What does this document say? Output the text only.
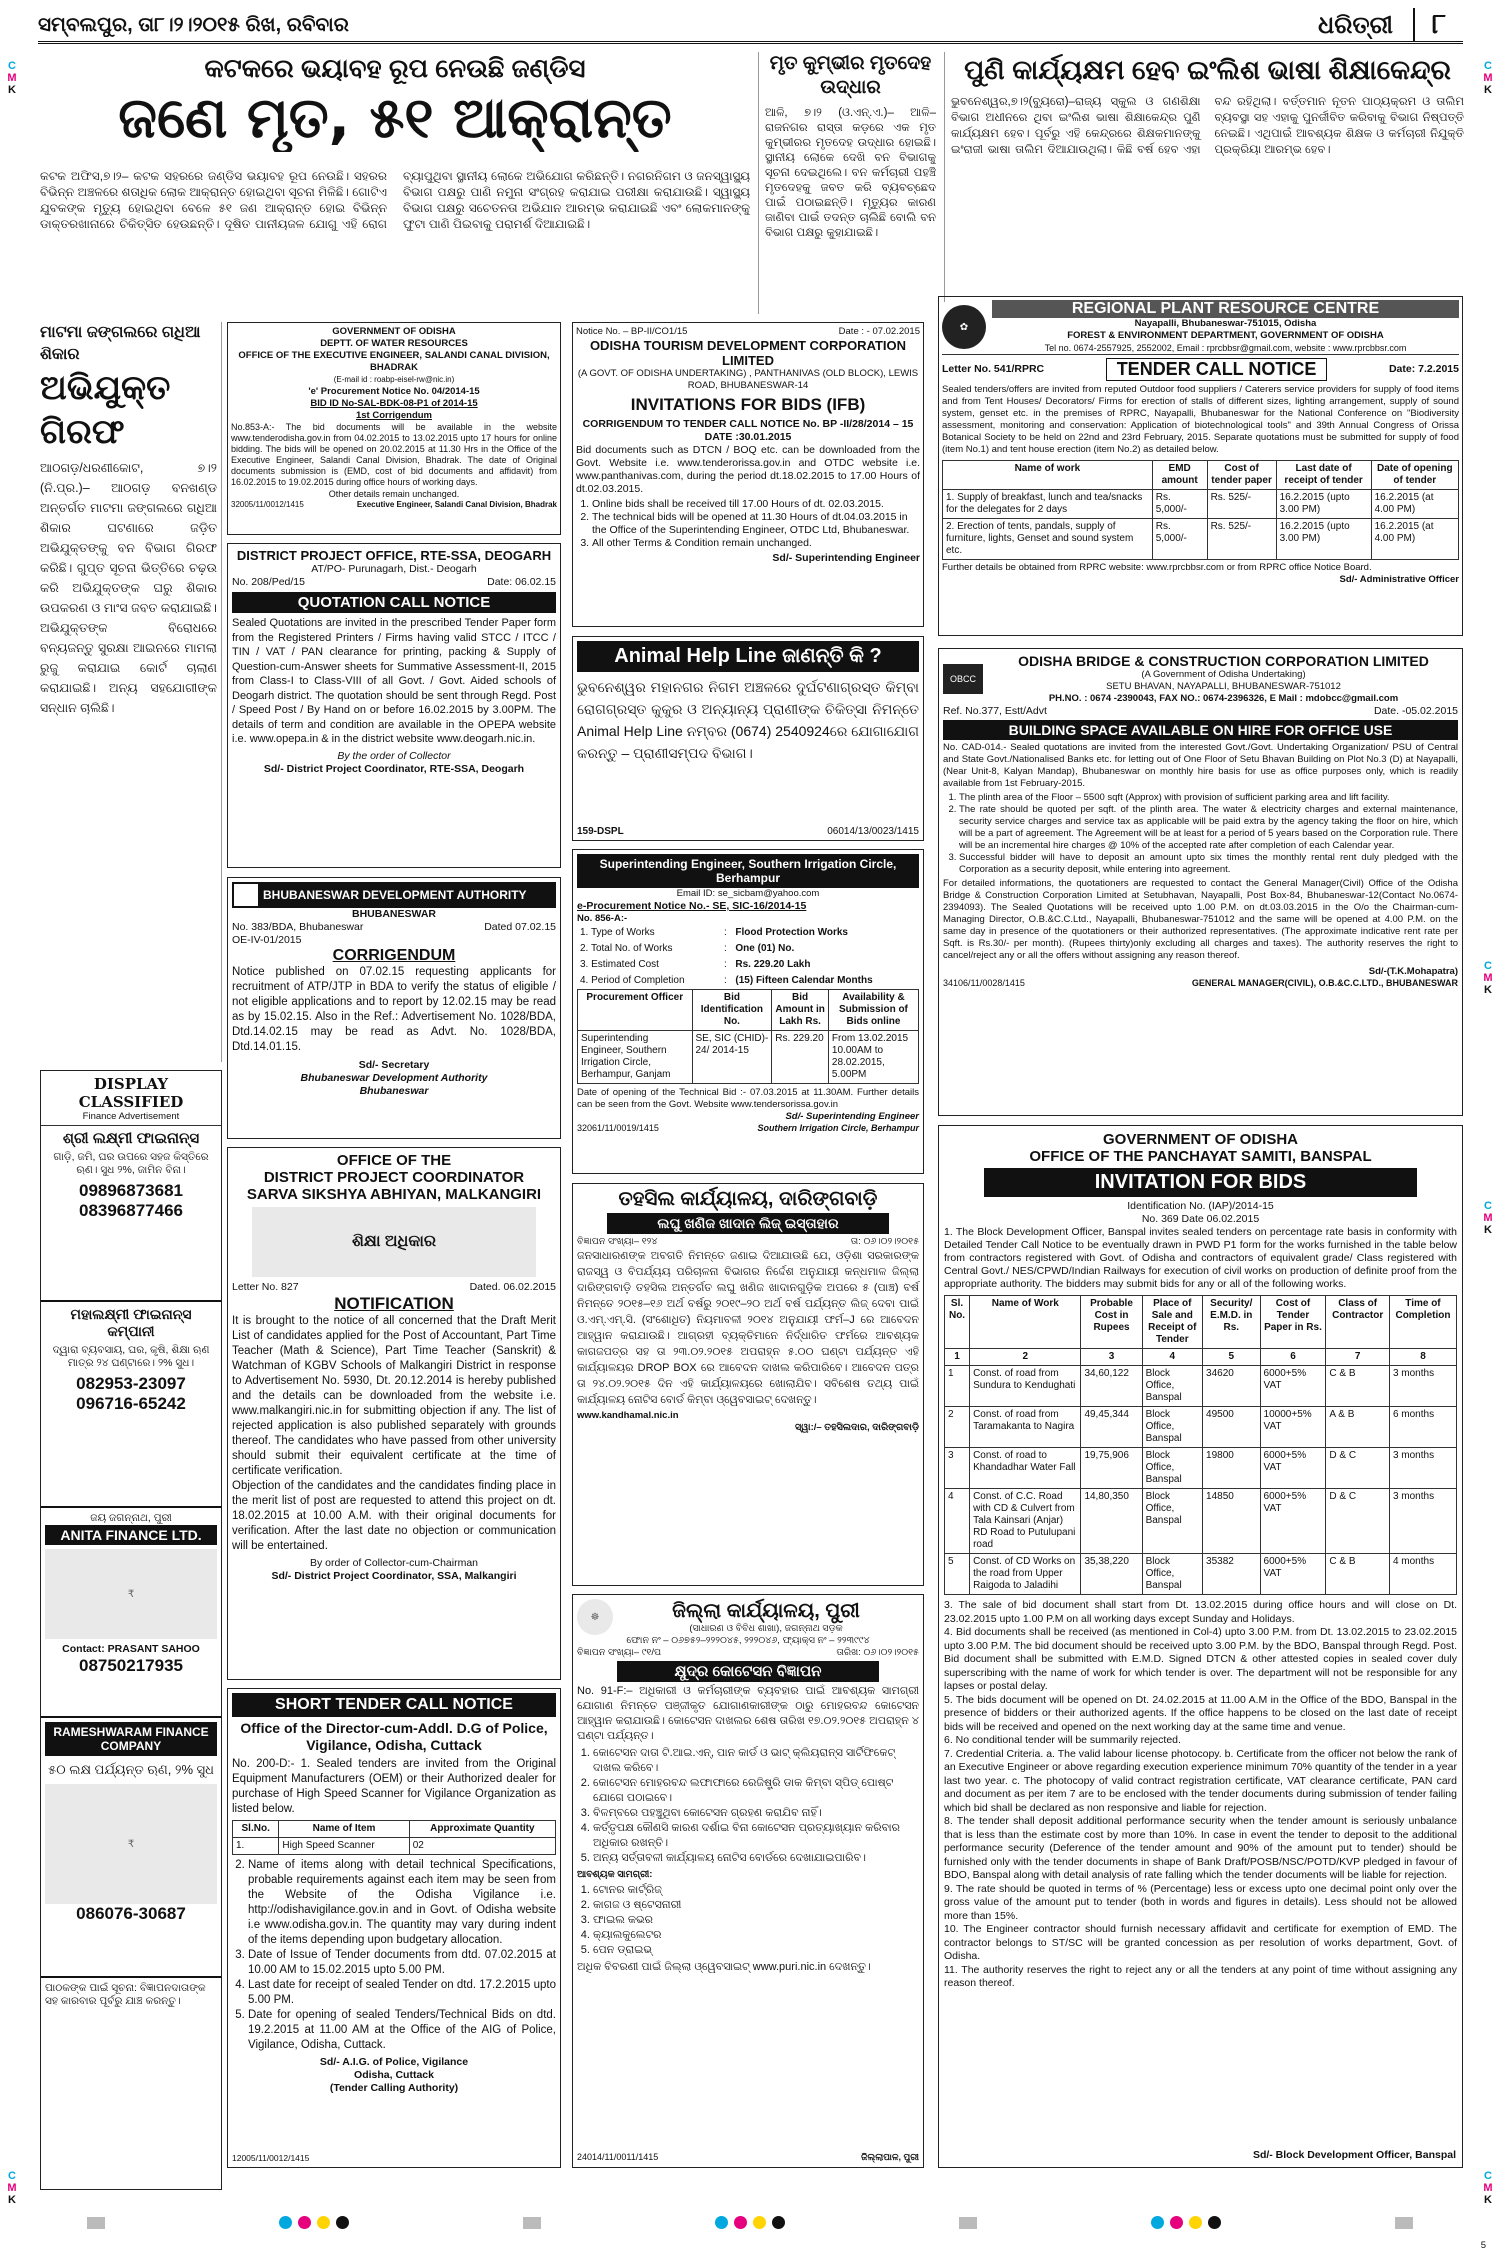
ସମ୍ବଲପୁର, ତା୮।୨।୨୦୧୫ ରିଖ, ରବିବାର	ଧରିତ୍ରୀ	୮
C
M
K
C
M
K
C
M
K
C
M
K
C
M
K
C
M
K
କଟକରେ ଭୟାବହ ରୂପ ନେଉଛି ଜଣ୍ଡିସ
ଜଣେ ମୃତ, ୫୧ ଆକ୍ରାନ୍ତ
କଟକ ଅଫିସ,୭।୨– କଟକ ସହରରେ ଜଣ୍ଡିସ ଭୟାବହ ରୂପ ନେଉଛି। ସହରର ବିଭିନ୍ନ ଅଞ୍ଚଳରେ ଶତାଧିକ ଲୋକ ଆକ୍ରାନ୍ତ ହୋଇଥିବା ସୂଚନା ମିଳିଛି। ଗୋଟିଏ ଯୁବକଙ୍କ ମୃତ୍ୟୁ ହୋଇଥିବା ବେଳେ ୫୧ ଜଣ ଆକ୍ରାନ୍ତ ହୋଇ ବିଭିନ୍ନ ଡାକ୍ତରଖାନାରେ ଚିକିତ୍ସିତ ହେଉଛନ୍ତି। ଦୂଷିତ ପାନୀୟଜଳ ଯୋଗୁ ଏହି ରୋଗ ବ୍ୟାପୁଥିବା ସ୍ଥାନୀୟ ଲୋକେ ଅଭିଯୋଗ କରିଛନ୍ତି। ନଗରନିଗମ ଓ ଜନସ୍ୱାସ୍ଥ୍ୟ ବିଭାଗ ପକ୍ଷରୁ ପାଣି ନମୁନା ସଂଗ୍ରହ କରାଯାଇ ପରୀକ୍ଷା କରାଯାଉଛି। ସ୍ୱାସ୍ଥ୍ୟ ବିଭାଗ ପକ୍ଷରୁ ସଚେତନତା ଅଭିଯାନ ଆରମ୍ଭ କରାଯାଇଛି ଏବଂ ଲୋକମାନଙ୍କୁ ଫୁଟା ପାଣି ପିଇବାକୁ ପରାମର୍ଶ ଦିଆଯାଇଛି।
ମୃତ କୁମ୍ଭୀର ମୃତଦେହ ଉଦ୍ଧାର
ଆଳି, ୭।୨ (ଓ.ଏନ୍‌.ଏ.)– ଆଳି–ରାଜନଗର ରାସ୍ତା କଡ଼ରେ ଏକ ମୃତ କୁମ୍ଭୀରର ମୃତଦେହ ଉଦ୍ଧାର ହୋଇଛି। ସ୍ଥାନୀୟ ଲୋକେ ଦେଖି ବନ ବିଭାଗକୁ ସୂଚନା ଦେଇଥିଲେ। ବନ କର୍ମଚାରୀ ପହଞ୍ଚି ମୃତଦେହକୁ ଜବତ କରି ବ୍ୟବଚ୍ଛେଦ ପାଇଁ ପଠାଇଛନ୍ତି। ମୃତ୍ୟୁର କାରଣ ଜାଣିବା ପାଇଁ ତଦନ୍ତ ଚାଲିଛି ବୋଲି ବନ ବିଭାଗ ପକ୍ଷରୁ କୁହାଯାଇଛି।
ପୁଣି କାର୍ଯ୍ୟକ୍ଷମ ହେବ ଇଂଲିଶ ଭାଷା ଶିକ୍ଷାକେନ୍ଦ୍ର
ଭୁବନେଶ୍ୱର,୭।୨(ବ୍ୟୁରୋ)–ରାଜ୍ୟ ସ୍କୁଲ ଓ ଗଣଶିକ୍ଷା ବିଭାଗ ଅଧୀନରେ ଥିବା ଇଂଲିଶ ଭାଷା ଶିକ୍ଷାକେନ୍ଦ୍ର ପୁଣି କାର୍ଯ୍ୟକ୍ଷମ ହେବ। ପୂର୍ବରୁ ଏହି କେନ୍ଦ୍ରରେ ଶିକ୍ଷକମାନଙ୍କୁ ଇଂରାଜୀ ଭାଷା ତାଲିମ ଦିଆଯାଉଥିଲା। କିଛି ବର୍ଷ ହେବ ଏହା ବନ୍ଦ ରହିଥିଲା। ବର୍ତ୍ତମାନ ନୂତନ ପାଠ୍ୟକ୍ରମ ଓ ତାଲିମ ବ୍ୟବସ୍ଥା ସହ ଏହାକୁ ପୁନର୍ଜୀବିତ କରିବାକୁ ବିଭାଗ ନିଷ୍ପତ୍ତି ନେଇଛି। ଏଥିପାଇଁ ଆବଶ୍ୟକ ଶିକ୍ଷକ ଓ କର୍ମଚାରୀ ନିଯୁକ୍ତି ପ୍ରକ୍ରିୟା ଆରମ୍ଭ ହେବ।
ମାଟମା ଜଙ୍ଗଲରେ ଗଧିଆ ଶିକାର
ଅଭିଯୁକ୍ତ ଗିରଫ
ଆଠଗଡ଼/ଧରଣୀକୋଟ, ୭।୨ (ନି.ପ୍ର.)– ଆଠଗଡ଼ ବନଖଣ୍ଡ ଅନ୍ତର୍ଗତ ମାଟମା ଜଙ୍ଗଲରେ ଗଧିଆ ଶିକାର ଘଟଣାରେ ଜଡ଼ିତ ଅଭିଯୁକ୍ତଙ୍କୁ ବନ ବିଭାଗ ଗିରଫ କରିଛି। ଗୁପ୍ତ ସୂଚନା ଭିତ୍ତିରେ ଚଢ଼ଉ କରି ଅଭିଯୁକ୍ତଙ୍କ ଘରୁ ଶିକାର ଉପକରଣ ଓ ମାଂସ ଜବତ କରାଯାଇଛି। ଅଭିଯୁକ୍ତଙ୍କ ବିରୋଧରେ ବନ୍ୟଜନ୍ତୁ ସୁରକ୍ଷା ଆଇନରେ ମାମଲା ରୁଜୁ କରାଯାଇ କୋର୍ଟ ଚାଲାଣ କରାଯାଇଛି। ଅନ୍ୟ ସହଯୋଗୀଙ୍କ ସନ୍ଧାନ ଚାଲିଛି।
DISPLAY CLASSIFIED
Finance Advertisement
ଶ୍ରୀ ଲକ୍ଷ୍ମୀ ଫାଇନାନ୍ସ
ଗାଡ଼ି, ଜମି, ଘର ଉପରେ ସହଜ କିସ୍ତିରେ ଋଣ। ସୁଧ ୨%, ଜାମିନ ବିନା।
09896873681
08396877466
ମହାଲକ୍ଷ୍ମୀ ଫାଇନାନ୍ସ କମ୍ପାନୀ
ଦ୍ୱାରା ବ୍ୟବସାୟ, ଘର, କୃଷି, ଶିକ୍ଷା ଋଣ ମାତ୍ର ୨୪ ଘଣ୍ଟାରେ। ୨% ସୁଧ।
082953-23097
096716-65242
ଜୟ ଜଗନ୍ନାଥ, ପୁରୀ
ANITA FINANCE LTD.
₹
Contact: PRASANT SAHOO
08750217935
RAMESHWARAM FINANCE COMPANY
୫୦ ଲକ୍ଷ ପର୍ଯ୍ୟନ୍ତ ଋଣ, ୨% ସୁଧ
₹
086076-30687
ପାଠକଙ୍କ ପାଇଁ ସୂଚନା: ବିଜ୍ଞାପନଦାତାଙ୍କ ସହ କାରବାର ପୂର୍ବରୁ ଯାଞ୍ଚ କରନ୍ତୁ।
GOVERNMENT OF ODISHA
DEPTT. OF WATER RESOURCES
OFFICE OF THE EXECUTIVE ENGINEER, SALANDI CANAL DIVISION, BHADRAK
(E-mail id : roabp-eisel-rw@nic.in)
'e' Procurement Notice No. 04/2014-15
BID ID No-SAL-BDK-08-P1 of 2014-15
1st Corrigendum
No.853-A:- The bid documents will be available in the website www.tenderodisha.gov.in from 04.02.2015 to 13.02.2015 upto 17 hours for online bidding. The bids will be opened on 20.02.2015 at 11.30 Hrs in the Office of the Executive Engineer, Salandi Canal Division, Bhadrak. The date of Original documents submission is (EMD, cost of bid documents and affidavit) from 16.02.2015 to 19.02.2015 during office hours of working days.
Other details remain unchanged.
32005/11/0012/1415	Executive Engineer, Salandi Canal Division, Bhadrak
Notice No. – BP-II/CO1/15	Date : - 07.02.2015
ODISHA TOURISM DEVELOPMENT CORPORATION LIMITED
(A GOVT. OF ODISHA UNDERTAKING) , PANTHANIVAS (OLD BLOCK), LEWIS ROAD, BHUBANESWAR-14
INVITATIONS FOR BIDS (IFB)
CORRIGENDUM TO TENDER CALL NOTICE No. BP -II/28/2014 – 15 DATE :30.01.2015
Bid documents such as DTCN / BOQ etc. can be downloaded from the Govt. Website i.e. www.tenderorissa.gov.in and OTDC website i.e. www.panthanivas.com, during the period dt.18.02.2015 to 17.00 Hours of dt.02.03.2015.
1. Online bids shall be received till 17.00 Hours of dt. 02.03.2015.
2. The technical bids will be opened at 11.30 Hours of dt.04.03.2015 in the Office of the Superintending Engineer, OTDC Ltd, Bhubaneswar.
3. All other Terms & Condition remain unchanged.
Sd/- Superintending Engineer
✿
REGIONAL PLANT RESOURCE CENTRE
Nayapalli, Bhubaneswar-751015, Odisha
FOREST & ENVIRONMENT DEPARTMENT, GOVERNMENT OF ODISHA
Tel no. 0674-2557925, 2552002, Email : rprcbbsr@gmail.com, website : www.rprcbbsr.com
Letter No. 541/RPRC	TENDER CALL NOTICE	Date: 7.2.2015
Sealed tenders/offers are invited from reputed Outdoor food suppliers / Caterers service providers for supply of food items and from Tent Houses/ Decorators/ Firms for erection of stalls of different sizes, lighting arrangement, supply of sound system, genset etc. in the premises of RPRC, Nayapalli, Bhubaneswar for the National Conference on "Biodiversity assessment, monitoring and conservation: Application of biotechnological tools" and 39th Annual Congress of Orissa Botanical Society to be held on 22nd and 23rd February, 2015. Separate quotations must be submitted for supply of food (item No.1) and tent house erection (item No.2) as detailed below.
Name of work	EMD amount	Cost of tender paper	Last date of receipt of tender	Date of opening of tender
1. Supply of breakfast, lunch and tea/snacks for the delegates for 2 days	Rs. 5,000/-	Rs. 525/-	16.2.2015 (upto 3.00 PM)	16.2.2015 (at 4.00 PM)
2. Erection of tents, pandals, supply of furniture, lights, Genset and sound system etc.	Rs. 5,000/-	Rs. 525/-	16.2.2015 (upto 3.00 PM)	16.2.2015 (at 4.00 PM)
Further details be obtained from RPRC website: www.rprcbbsr.com or from RPRC office Notice Board.
Sd/- Administrative Officer
DISTRICT PROJECT OFFICE, RTE-SSA, DEOGARH
AT/PO- Purunagarh, Dist.- Deogarh
No. 208/Ped/15	Date: 06.02.15
QUOTATION CALL NOTICE
Sealed Quotations are invited in the prescribed Tender Paper form from the Registered Printers / Firms having valid STCC / ITCC / TIN / VAT / PAN clearance for printing, packing & Supply of Question-cum-Answer sheets for Summative Assessment-II, 2015 from Class-I to Class-VIII of all Govt. / Govt. Aided schools of Deogarh district. The quotation should be sent through Regd. Post / Speed Post / By Hand on or before 16.02.2015 by 3.00PM. The details of term and condition are available in the OPEPA website i.e. www.opepa.in & in the district website www.deogarh.nic.in.
By the order of Collector
Sd/- District Project Coordinator, RTE-SSA, Deogarh
Animal Help Line ଜାଣନ୍ତି କି ?
ଭୁବନେଶ୍ୱର ମହାନଗର ନିଗମ ଅଞ୍ଚଳରେ ଦୁର୍ଘଟଣାଗ୍ରସ୍ତ କିମ୍ବା ରୋଗଗ୍ରସ୍ତ କୁକୁର ଓ ଅନ୍ୟାନ୍ୟ ପ୍ରାଣୀଙ୍କ ଚିକିତ୍ସା ନିମନ୍ତେ Animal Help Line ନମ୍ବର (0674) 2540924ରେ ଯୋଗାଯୋଗ କରନ୍ତୁ – ପ୍ରାଣୀସମ୍ପଦ ବିଭାଗ।
159-DSPL	06014/13/0023/1415
OBCC
ODISHA BRIDGE & CONSTRUCTION CORPORATION LIMITED
(A Government of Odisha Undertaking)
SETU BHAVAN, NAYAPALLI, BHUBANESWAR-751012
PH.NO. : 0674 -2390043, FAX NO.: 0674-2396326, E Mail : mdobcc@gmail.com
Ref. No.377, Estt/Advt	Date. -05.02.2015
BUILDING SPACE AVAILABLE ON HIRE FOR OFFICE USE
No. CAD-014.- Sealed quotations are invited from the interested Govt./Govt. Undertaking Organization/ PSU of Central and State Govt./Nationalised Banks etc. for letting out of One Floor of Setu Bhavan Building on Plot No.3 (D) at Nayapalli, (Near Unit-8, Kalyan Mandap), Bhubaneswar on monthly hire basis for use as office purposes only, which is readily available from 1st February-2015.
1. The plinth area of the Floor – 5500 sqft (Approx) with provision of sufficient parking area and lift facility.
2. The rate should be quoted per sqft. of the plinth area. The water & electricity charges and external maintenance, security service charges and service tax as applicable will be paid extra by the agency taking the floor on hire, which will be a part of agreement. The Agreement will be at least for a period of 5 years based on the Corporation rule. There will be an incremental hire charges @ 10% of the accepted rate after completion of each Calendar year.
3. Successful bidder will have to deposit an amount upto six times the monthly rental rent duly pledged with the Corporation as a security deposit, while entering into agreement.
For detailed informations, the quotationers are requested to contact the General Manager(Civil) Office of the Odisha Bridge & Construction Corporation Limited at Setubhavan, Nayapalli, Post Box-84, Bhubaneswar-12(Contact No.0674-2394093). The Sealed Quotations will be received upto 1.00 P.M. on dt.03.03.2015 in the O/o the Chairman-cum-Managing Director, O.B.&C.C.Ltd., Nayapalli, Bhubaneswar-751012 and the same will be opened at 4.00 P.M. on the same day in presence of the quotationers or their authorized representatives. (The approximate indicative rent rate per Sqft. is Rs.30/- per month). (Rupees thirty)only excluding all charges and taxes). The authority reserves the right to cancel/reject any or all the offers without assigning any reason thereof.
Sd/-(T.K.Mohapatra)
34106/11/0028/1415	GENERAL MANAGER(CIVIL), O.B.&C.C.LTD., BHUBANESWAR
BHUBANESWAR DEVELOPMENT AUTHORITY
BHUBANESWAR
No. 383/BDA, Bhubaneswar	Dated 07.02.15
OE-IV-01/2015
CORRIGENDUM
Notice published on 07.02.15 requesting applicants for recruitment of ATP/JTP in BDA to verify the status of eligible / not eligible applications and to report by 12.02.15 may be read as by 15.02.15. Also in the Ref.: Advertisement No. 1028/BDA, Dtd.14.02.15 may be read as Advt. No. 1028/BDA, Dtd.14.01.15.
Sd/- Secretary
Bhubaneswar Development Authority
Bhubaneswar
Superintending Engineer, Southern Irrigation Circle, Berhampur
Email ID: se_sicbam@yahoo.com
e-Procurement Notice No.- SE, SIC-16/2014-15
No. 856-A:-
1. Type of Works	:	Flood Protection Works
2. Total No. of Works	:	One (01) No.
3. Estimated Cost	:	Rs. 229.20 Lakh
4. Period of Completion	:	(15) Fifteen Calendar Months
Procurement Officer	Bid Identification No.	Bid Amount in Lakh Rs.	Availability & Submission of Bids online
Superintending Engineer, Southern Irrigation Circle, Berhampur, Ganjam	SE, SIC (CHID)- 24/ 2014-15	Rs. 229.20	From 13.02.2015 10.00AM to 28.02.2015, 5.00PM
Date of opening of the Technical Bid :- 07.03.2015 at 11.30AM. Further details can be seen from the Govt. Website www.tendersorissa.gov.in
Sd/- Superintending Engineer
32061/11/0019/1415	Southern Irrigation Circle, Berhampur
OFFICE OF THE
DISTRICT PROJECT COORDINATOR
SARVA SIKSHYA ABHIYAN, MALKANGIRI
ଶିକ୍ଷା ଅଧିକାର
Letter No. 827	Dated. 06.02.2015
NOTIFICATION
It is brought to the notice of all concerned that the Draft Merit List of candidates applied for the Post of Accountant, Part Time Teacher (Math & Science), Part Time Teacher (Sanskrit) & Watchman of KGBV Schools of Malkangiri District in response to Advertisement No. 5930, Dt. 20.12.2014 is hereby published and the details can be downloaded from the website i.e. www.malkangiri.nic.in for submitting objection if any. The list of rejected application is also published separately with grounds thereof. The candidates who have passed from other university should submit their equivalent certificate at the time of certificate verification.
Objection of the candidates and the candidates finding place in the merit list of post are requested to attend this project on dt. 18.02.2015 at 10.00 A.M. with their original documents for verification. After the last date no objection or communication will be entertained.
By order of Collector-cum-Chairman
Sd/- District Project Coordinator, SSA, Malkangiri
ତହସିଲ କାର୍ଯ୍ୟାଳୟ, ଦାରିଙ୍ଗବାଡ଼ି
ଲଘୁ ଖଣିଜ ଖାଦାନ ଲିଜ୍ ଇସ୍ତାହାର
ବିଜ୍ଞାପନ ସଂଖ୍ୟା– ୧୨୪	ତା: ୦୬।୦୨।୨୦୧୫
ଜନସାଧାରଣଙ୍କ ଅବଗତି ନିମନ୍ତେ ଜଣାଇ ଦିଆଯାଉଛି ଯେ, ଓଡ଼ିଶା ସରକାରଙ୍କ ରାଜସ୍ୱ ଓ ବିପର୍ଯ୍ୟୟ ପରିଚାଳନା ବିଭାଗର ନିର୍ଦ୍ଦେଶ ଅନୁଯାୟୀ କନ୍ଧମାଳ ଜିଲ୍ଲା ଦାରିଙ୍ଗବାଡ଼ି ତହସିଲ ଅନ୍ତର୍ଗତ ଲଘୁ ଖଣିଜ ଖାଦାନଗୁଡ଼ିକ ଅପରେ ୫ (ପାଞ୍ଚ) ବର୍ଷ ନିମନ୍ତେ ୨୦୧୫–୧୬ ଅର୍ଥ ବର୍ଷରୁ ୨୦୧୯–୨୦ ଅର୍ଥ ବର୍ଷ ପର୍ଯ୍ୟନ୍ତ ଲିଜ୍ ଦେବା ପାଇଁ ଓ.ଏମ୍.ଏମ୍.ସି. (ସଂଶୋଧିତ) ନିୟମାବଳୀ ୨୦୧୪ ଅନୁଯାୟୀ ଫର୍ମ–J ରେ ଆବେଦନ ଆହ୍ୱାନ କରାଯାଉଛି। ଆଗ୍ରହୀ ବ୍ୟକ୍ତିମାନେ ନିର୍ଦ୍ଧାରିତ ଫର୍ମରେ ଆବଶ୍ୟକ କାଗଜପତ୍ର ସହ ତା ୨୩.୦୨.୨୦୧୫ ଅପରାହ୍ନ ୫.୦୦ ଘଣ୍ଟା ପର୍ଯ୍ୟନ୍ତ ଏହି କାର୍ଯ୍ୟାଳୟର DROP BOX ରେ ଆବେଦନ ଦାଖଲ କରିପାରିବେ। ଆବେଦନ ପତ୍ର ତା ୨୪.୦୨.୨୦୧୫ ଦିନ ଏହି କାର୍ଯ୍ୟାଳୟରେ ଖୋଲାଯିବ। ସବିଶେଷ ତଥ୍ୟ ପାଇଁ କାର୍ଯ୍ୟାଳୟ ନୋଟିସ ବୋର୍ଡ କିମ୍ବା ଓ୍ୱେବସାଇଟ୍ ଦେଖନ୍ତୁ।
www.kandhamal.nic.in
ସ୍ୱା:/– ତହସିଲଦାର, ଦାରିଙ୍ଗବାଡ଼ି
☸	ଜିଲ୍ଲା କାର୍ଯ୍ୟାଳୟ, ପୁରୀ
(ସାଧାରଣ ଓ ବିବିଧ ଶାଖା), ଜଗନ୍ନାଥ ସଡ଼କ
ଫୋନ ନଂ – ୦୬୭୫୨–୨୨୨୦୪୫, ୨୨୨୦୪୬, ଫ୍ୟାକ୍ସ ନଂ – ୨୨୩୯୯୪
ବିଜ୍ଞାପନ ସଂଖ୍ୟା– ୯୧/ପ	ତାରିଖ: ୦୬।୦୨।୨୦୧୫
କ୍ଷୁଦ୍ର କୋଟେସନ ବିଜ୍ଞାପନ
No. 91-F:– ଅଧିକାରୀ ଓ କର୍ମଚାରୀଙ୍କ ବ୍ୟବହାର ପାଇଁ ଆବଶ୍ୟକ ସାମଗ୍ରୀ ଯୋଗାଣ ନିମନ୍ତେ ପଞ୍ଜୀକୃତ ଯୋଗାଣକାରୀଙ୍କ ଠାରୁ ମୋହରବନ୍ଦ କୋଟେସନ ଆହ୍ୱାନ କରାଯାଉଛି। କୋଟେସନ ଦାଖଲର ଶେଷ ତାରିଖ ୧୭.୦୨.୨୦୧୫ ଅପରାହ୍ନ ୪ ଘଣ୍ଟା ପର୍ଯ୍ୟନ୍ତ।
1. କୋଟେସନ ଦାତା ଟି.ଆଇ.ଏନ୍, ପାନ କାର୍ଡ ଓ ଭାଟ୍ କ୍ଲିୟରାନ୍ସ ସାର୍ଟିଫିକେଟ୍ ଦାଖଲ କରିବେ।
2. କୋଟେସନ ମୋହରବନ୍ଦ ଲଫାଫାରେ ରେଜିଷ୍ଟ୍ରି ଡାକ କିମ୍ବା ସ୍ପିଡ୍ ପୋଷ୍ଟ ଯୋଗେ ପଠାଇବେ।
3. ବିଳମ୍ବରେ ପହଞ୍ଚୁଥିବା କୋଟେସନ ଗ୍ରହଣ କରାଯିବ ନାହିଁ।
4. କର୍ତ୍ତୃପକ୍ଷ କୌଣସି କାରଣ ଦର୍ଶାଇ ବିନା କୋଟେସନ ପ୍ରତ୍ୟାଖ୍ୟାନ କରିବାର ଅଧିକାର ରଖନ୍ତି।
5. ଅନ୍ୟ ସର୍ତ୍ତାବଳୀ କାର୍ଯ୍ୟାଳୟ ନୋଟିସ ବୋର୍ଡରେ ଦେଖାଯାଇପାରିବ।
ଆବଶ୍ୟକ ସାମଗ୍ରୀ:
1. ଟୋନର କାର୍ଟ୍ରିଜ୍
2. କାଗଜ ଓ ଷ୍ଟେସନାରୀ
3. ଫାଇଲ କଭର
4. କ୍ୟାଲକୁଲେଟର
5. ପେନ ଡ୍ରାଇଭ୍
ଅଧିକ ବିବରଣୀ ପାଇଁ ଜିଲ୍ଲା ଓ୍ୱେବସାଇଟ୍ www.puri.nic.in ଦେଖନ୍ତୁ।
24014/11/0011/1415	ଜିଲ୍ଲାପାଳ, ପୁରୀ
SHORT TENDER CALL NOTICE
Office of the Director-cum-Addl. D.G of Police, Vigilance, Odisha, Cuttack
No. 200-D:- 1. Sealed tenders are invited from the Original Equipment Manufacturers (OEM) or their Authorized dealer for purchase of High Speed Scanner for Vigilance Organization as listed below.
Sl.No.	Name of Item	Approximate Quantity
1.	High Speed Scanner	02
2. Name of items along with detail technical Specifications, probable requirements against each item may be seen from the Website of the Odisha Vigilance i.e. http://odishavigilance.gov.in and in Govt. of Odisha website i.e www.odisha.gov.in. The quantity may vary during indent of the items depending upon budgetary allocation.
3. Date of Issue of Tender documents from dtd. 07.02.2015 at 10.00 AM to 15.02.2015 upto 5.00 PM.
4. Last date for receipt of sealed Tender on dtd. 17.2.2015 upto 5.00 PM.
5. Date for opening of sealed Tenders/Technical Bids on dtd. 19.2.2015 at 11.00 AM at the Office of the AIG of Police, Vigilance, Odisha, Cuttack.
Sd/- A.I.G. of Police, Vigilance
Odisha, Cuttack
(Tender Calling Authority)
12005/11/0012/1415
GOVERNMENT OF ODISHA
OFFICE OF THE PANCHAYAT SAMITI, BANSPAL
INVITATION FOR BIDS
Identification No. (IAP)/2014-15
No. 369 Date 06.02.2015
1. The Block Development Officer, Banspal invites sealed tenders on percentage rate basis in conformity with Detailed Tender Call Notice to be eventually drawn in PWD P1 form for the works furnished in the table below from contractors registered with Govt. of Odisha and contractors of equivalent grade/ Class registered with Central Govt./ NES/CPWD/Indian Railways for execution of civil works on production of definite proof from the appropriate authority. The bidders may submit bids for any or all of the following works.
Sl. No.	Name of Work	Probable Cost in Rupees	Place of Sale and Receipt of Tender	Security/ E.M.D. in Rs.	Cost of Tender Paper in Rs.	Class of Contractor	Time of Completion
1	2	3	4	5	6	7	8
1	Const. of road from Sundura to Kendughati	34,60,122	Block Office, Banspal	34620	6000+5% VAT	C & B	3 months
2	Const. of road from Taramakanta to Nagira	49,45,344	Block Office, Banspal	49500	10000+5% VAT	A & B	6 months
3	Const. of road to Khandadhar Water Fall	19,75,906	Block Office, Banspal	19800	6000+5% VAT	D & C	3 months
4	Const. of C.C. Road with CD & Culvert from Tala Kainsari (Anjar) RD Road to Putulupani road	14,80,350	Block Office, Banspal	14850	6000+5% VAT	D & C	3 months
5	Const. of CD Works on the road from Upper Raigoda to Jaladihi	35,38,220	Block Office, Banspal	35382	6000+5% VAT	C & B	4 months
3. The sale of bid document shall start from Dt. 13.02.2015 during office hours and will close on Dt. 23.02.2015 upto 1.00 P.M on all working days except Sunday and Holidays.
4. Bid documents shall be received (as mentioned in Col-4) upto 3.00 P.M. from Dt. 13.02.2015 to 23.02.2015 upto 3.00 P.M. The bid document should be received upto 3.00 P.M. by the BDO, Banspal through Regd. Post. Bid document shall be submitted with E.M.D. Signed DTCN & other attested copies in sealed cover duly superscribing with the name of work for which tender is over. The department will not be responsible for any lapses or postal delay.
5. The bids document will be opened on Dt. 24.02.2015 at 11.00 A.M in the Office of the BDO, Banspal in the presence of bidders or their authorized agents. If the office happens to be closed on the last date of receipt bids will be received and opened on the next working day at the same time and venue.
6. No conditional tender will be summarily rejected.
7. Credential Criteria. a. The valid labour license photocopy. b. Certificate from the officer not below the rank of an Executive Engineer or above regarding execution experience minimum 70% quantity of the tender in a year last two year. c. The photocopy of valid contract registration certificate, VAT clearance certificate, PAN card and document as per item 7 are to be enclosed with the tender documents during submission of tender failing which bid shall be declared as non responsive and liable for rejection.
8. The tender shall deposit additional performance security when the tender amount is seriously unbalance that is less than the estimate cost by more than 10%. In case in event the tender to deposit to the additional performance security (Deference of the tender amount and 90% of the amount put to tender) should be furnished only with the tender documents in shape of Bank Draft/POSB/NSC/POTD/KVP pledged in favour of BDO, Banspal along with detail analysis of rate falling which the tender documents will be liable for rejection.
9. The rate should be quoted in terms of % (Percentage) less or excess upto one decimal point only over the gross value of the amount put to tender (both in words and figures in details). Less should not be allowed more than 15%.
10. The Engineer contractor should furnish necessary affidavit and certificate for exemption of EMD. The contractor belongs to ST/SC will be granted concession as per resolution of works department, Govt. of Odisha.
11. The authority reserves the right to reject any or all the tenders at any point of time without assigning any reason thereof.
Sd/- Block Development Officer, Banspal
5
